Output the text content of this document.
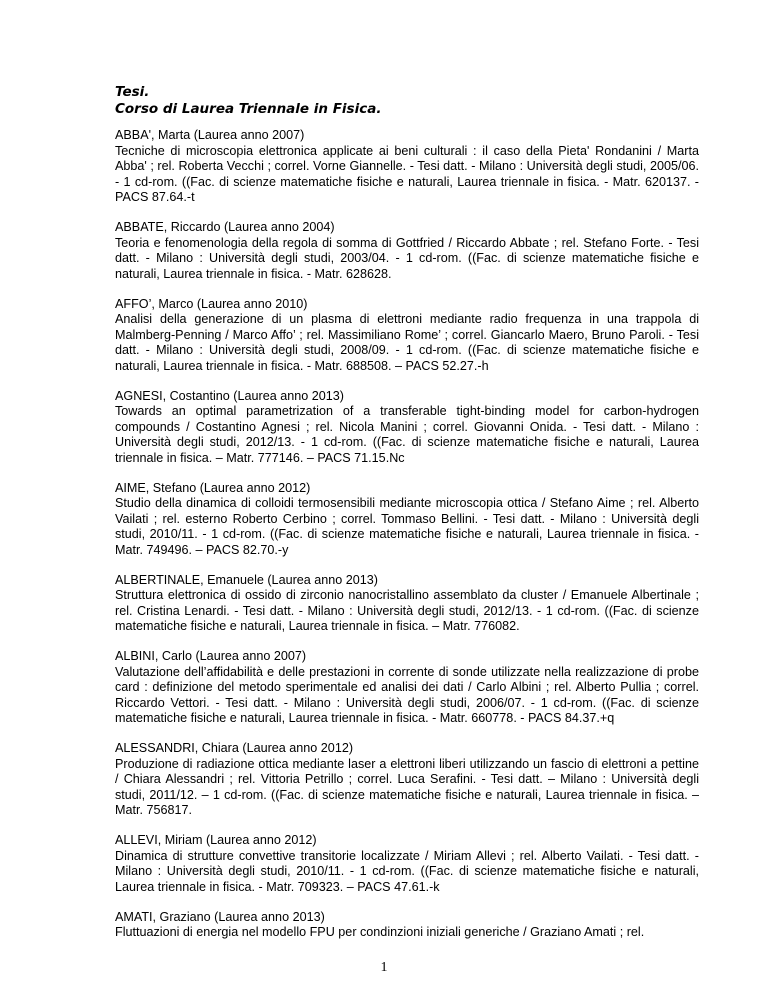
Tesi.
Corso di Laurea Triennale in Fisica.
ABBA', Marta (Laurea anno 2007)
Tecniche di microscopia elettronica applicate ai beni culturali : il caso della Pieta' Rondanini / Marta Abba' ; rel. Roberta Vecchi ; correl. Vorne Giannelle. - Tesi datt. - Milano : Università degli studi, 2005/06. - 1 cd-rom. ((Fac. di scienze matematiche fisiche e naturali, Laurea triennale in fisica. - Matr. 620137. - PACS 87.64.-t
ABBATE, Riccardo (Laurea anno 2004)
Teoria e fenomenologia della regola di somma di Gottfried / Riccardo Abbate ; rel. Stefano Forte. - Tesi datt. - Milano : Università degli studi, 2003/04. - 1 cd-rom. ((Fac. di scienze matematiche fisiche e naturali, Laurea triennale in fisica. - Matr. 628628.
AFFO’, Marco (Laurea anno 2010)
Analisi della generazione di un plasma di elettroni mediante radio frequenza in una trappola di Malmberg-Penning / Marco Affo’ ; rel. Massimiliano Rome’ ; correl. Giancarlo Maero, Bruno Paroli. - Tesi datt. - Milano : Università degli studi, 2008/09. - 1 cd-rom. ((Fac. di scienze matematiche fisiche e naturali, Laurea triennale in fisica. - Matr. 688508. – PACS 52.27.-h
AGNESI, Costantino (Laurea anno 2013)
Towards an optimal parametrization of a transferable tight-binding model for carbon-hydrogen compounds / Costantino Agnesi ; rel. Nicola Manini ; correl. Giovanni Onida. - Tesi datt. - Milano : Università degli studi, 2012/13. - 1 cd-rom. ((Fac. di scienze matematiche fisiche e naturali, Laurea triennale in fisica. – Matr. 777146. – PACS 71.15.Nc
AIME, Stefano (Laurea anno 2012)
Studio della dinamica di colloidi termosensibili mediante microscopia ottica / Stefano Aime ; rel. Alberto Vailati ; rel. esterno Roberto Cerbino ; correl. Tommaso Bellini. - Tesi datt. - Milano : Università degli studi, 2010/11. - 1 cd-rom. ((Fac. di scienze matematiche fisiche e naturali, Laurea triennale in fisica. - Matr. 749496. – PACS 82.70.-y
ALBERTINALE, Emanuele (Laurea anno 2013)
Struttura elettronica di ossido di zirconio nanocristallino assemblato da cluster / Emanuele Albertinale ; rel. Cristina Lenardi. - Tesi datt. - Milano : Università degli studi, 2012/13. - 1 cd-rom. ((Fac. di scienze matematiche fisiche e naturali, Laurea triennale in fisica. – Matr. 776082.
ALBINI, Carlo (Laurea anno 2007)
Valutazione dell’affidabilità e delle prestazioni in corrente di sonde utilizzate nella realizzazione di probe card : definizione del metodo sperimentale ed analisi dei dati / Carlo Albini ; rel. Alberto Pullia ; correl. Riccardo Vettori. - Tesi datt. - Milano : Università degli studi, 2006/07. - 1 cd-rom. ((Fac. di scienze matematiche fisiche e naturali, Laurea triennale in fisica. - Matr. 660778. - PACS 84.37.+q
ALESSANDRI, Chiara (Laurea anno 2012)
Produzione di radiazione ottica mediante laser a elettroni liberi utilizzando un fascio di elettroni a pettine / Chiara Alessandri ; rel. Vittoria Petrillo ; correl. Luca Serafini. - Tesi datt. – Milano : Università degli studi, 2011/12. – 1 cd-rom. ((Fac. di scienze matematiche fisiche e naturali, Laurea triennale in fisica. – Matr. 756817.
ALLEVI, Miriam (Laurea anno 2012)
Dinamica di strutture convettive transitorie localizzate / Miriam Allevi ; rel. Alberto Vailati. - Tesi datt. - Milano : Università degli studi, 2010/11. - 1 cd-rom. ((Fac. di scienze matematiche fisiche e naturali, Laurea triennale in fisica. - Matr. 709323. – PACS 47.61.-k
AMATI, Graziano (Laurea anno 2013)
Fluttuazioni di energia nel modello FPU per condinzioni iniziali generiche / Graziano Amati ; rel.
1
